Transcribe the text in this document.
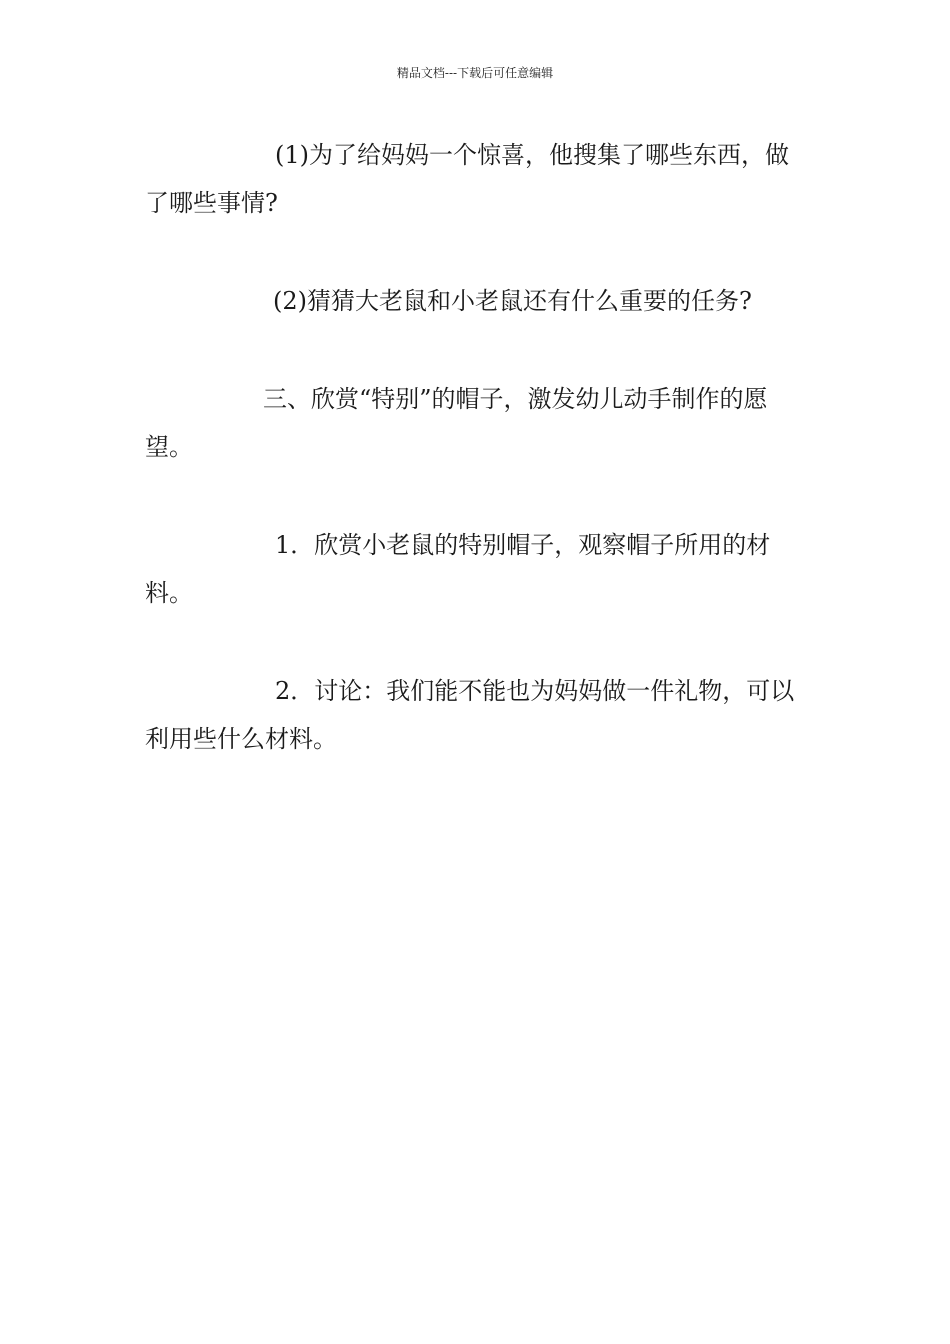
精品文档---下载后可任意编辑

(1)为了给妈妈一个惊喜，他搜集了哪些东西，做了哪些事情?

(2)猜猜大老鼠和小老鼠还有什么重要的任务?

三、欣赏“特别”的帽子，激发幼儿动手制作的愿望。

1．欣赏小老鼠的特别帽子，观察帽子所用的材料。

2．讨论：我们能不能也为妈妈做一件礼物，可以利用些什么材料。
